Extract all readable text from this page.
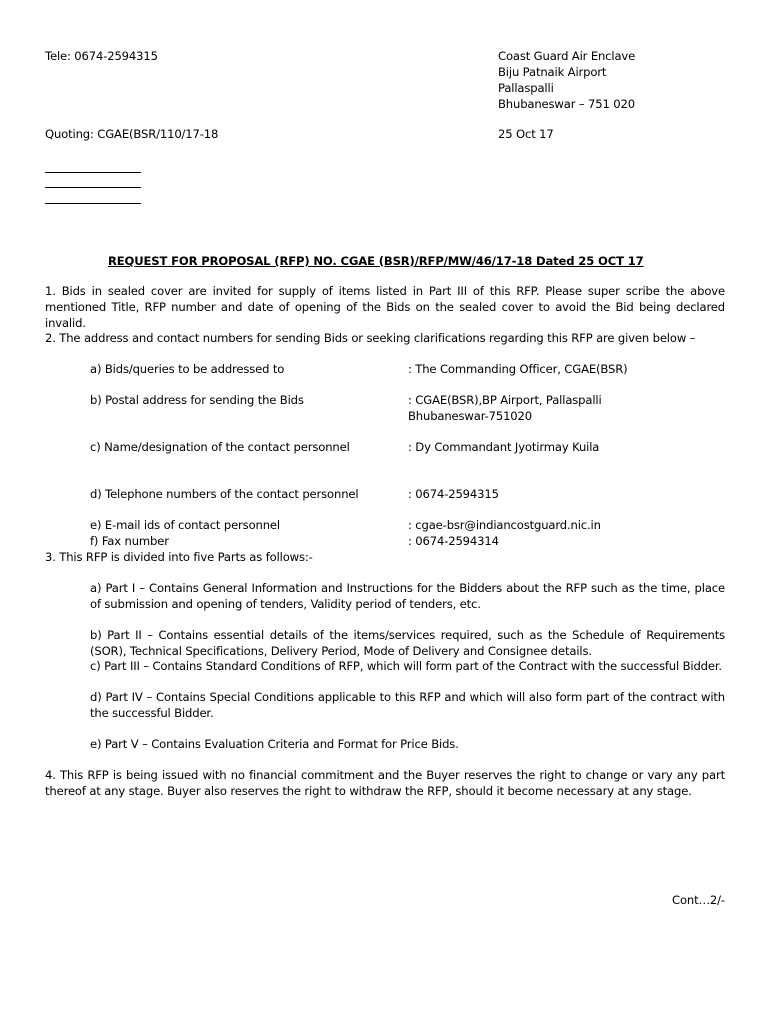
Tele: 0674-2594315	Coast Guard Air Enclave
Biju Patnaik Airport
Pallaspalli
Bhubaneswar – 751 020
Quoting: CGAE(BSR/110/17-18	25 Oct 17
REQUEST FOR PROPOSAL (RFP) NO. CGAE (BSR)/RFP/MW/46/17-18 Dated 25 OCT 17
1. Bids in sealed cover are invited for supply of items listed in Part III of this RFP. Please super scribe the above mentioned Title, RFP number and date of opening of the Bids on the sealed cover to avoid the Bid being declared invalid.
2. The address and contact numbers for sending Bids or seeking clarifications regarding this RFP are given below –
a) Bids/queries to be addressed to	: The Commanding Officer, CGAE(BSR)
b) Postal address for sending the Bids	: CGAE(BSR),BP Airport, Pallaspalli
Bhubaneswar-751020
c) Name/designation of the contact personnel	: Dy Commandant Jyotirmay Kuila
d) Telephone numbers of the contact personnel	: 0674-2594315
e) E-mail ids of contact personnel	: cgae-bsr@indiancostguard.nic.in
f) Fax number	: 0674-2594314
3. This RFP is divided into five Parts as follows:-
a) Part I – Contains General Information and Instructions for the Bidders about the RFP such as the time, place of submission and opening of tenders, Validity period of tenders, etc.
b) Part II – Contains essential details of the items/services required, such as the Schedule of Requirements (SOR), Technical Specifications, Delivery Period, Mode of Delivery and Consignee details.
c) Part III – Contains Standard Conditions of RFP, which will form part of the Contract with the successful Bidder.
d) Part IV – Contains Special Conditions applicable to this RFP and which will also form part of the contract with the successful Bidder.
e) Part V – Contains Evaluation Criteria and Format for Price Bids.
4. This RFP is being issued with no financial commitment and the Buyer reserves the right to change or vary any part thereof at any stage. Buyer also reserves the right to withdraw the RFP, should it become necessary at any stage.
Cont…2/-
